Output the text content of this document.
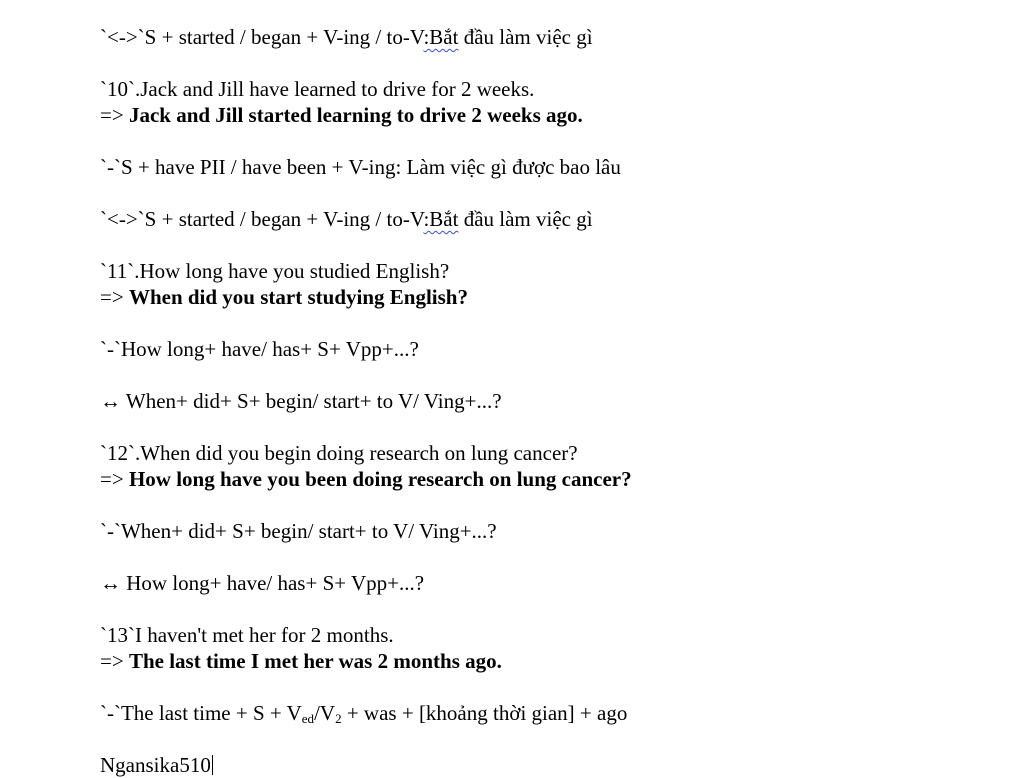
`<->`S + started / began + V-ing / to-V:Bắt đầu làm việc gì

`10`.Jack and Jill have learned to drive for 2 weeks.
=> Jack and Jill started learning to drive 2 weeks ago.

`-`S + have PII / have been + V-ing: Làm việc gì được bao lâu

`<->`S + started / began + V-ing / to-V:Bắt đầu làm việc gì

`11`.How long have you studied English?
=> When did you start studying English?

`-`How long+ have/ has+ S+ Vpp+...?

↔ When+ did+ S+ begin/ start+ to V/ Ving+...?

`12`.When did you begin doing research on lung cancer?
=> How long have you been doing research on lung cancer?

`-`When+ did+ S+ begin/ start+ to V/ Ving+...?

↔ How long+ have/ has+ S+ Vpp+...?

`13`I haven't met her for 2 months.
=> The last time I met her was 2 months ago.

`-`The last time + S + Ved/V2 + was + [khoảng thời gian] + ago

Ngansika510
